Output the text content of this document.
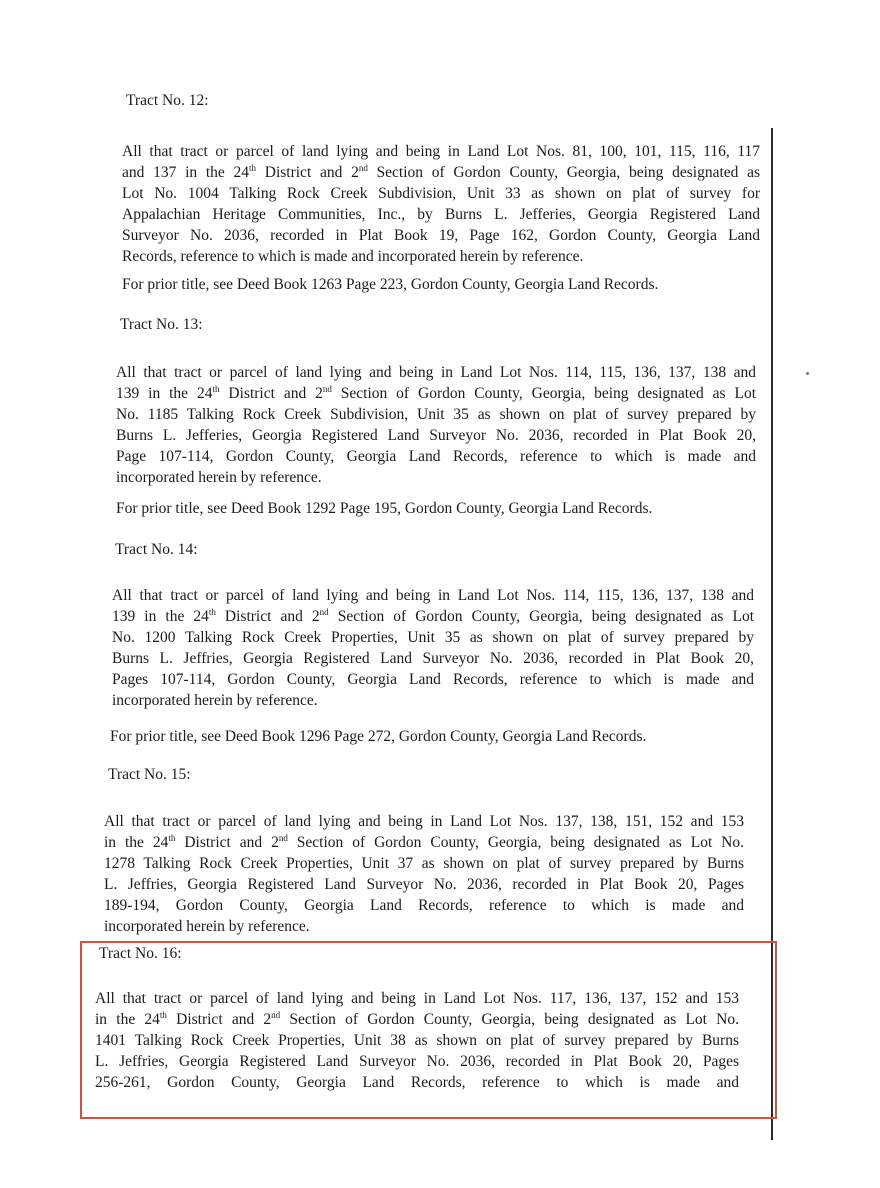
Tract No. 12:

All that tract or parcel of land lying and being in Land Lot Nos. 81, 100, 101, 115, 116, 117

and 137 in the 24th District and 2nd Section of Gordon County, Georgia, being designated as

Lot No. 1004 Talking Rock Creek Subdivision, Unit 33 as shown on plat of survey for

Appalachian Heritage Communities, Inc., by Burns L. Jefferies, Georgia Registered Land

Surveyor No. 2036, recorded in Plat Book 19, Page 162, Gordon County, Georgia Land

Records, reference to which is made and incorporated herein by reference.

For prior title, see Deed Book 1263 Page 223, Gordon County, Georgia Land Records.
Tract No. 13:

All that tract or parcel of land lying and being in Land Lot Nos. 114, 115, 136, 137, 138 and

139 in the 24th District and 2nd Section of Gordon County, Georgia, being designated as Lot

No. 1185 Talking Rock Creek Subdivision, Unit 35 as shown on plat of survey prepared by

Burns L. Jefferies, Georgia Registered Land Surveyor No. 2036, recorded in Plat Book 20,

Page 107-114, Gordon County, Georgia Land Records, reference to which is made and

incorporated herein by reference.

For prior title, see Deed Book 1292 Page 195, Gordon County, Georgia Land Records.
Tract No. 14:

All that tract or parcel of land lying and being in Land Lot Nos. 114, 115, 136, 137, 138 and

139 in the 24th District and 2nd Section of Gordon County, Georgia, being designated as Lot

No. 1200 Talking Rock Creek Properties, Unit 35 as shown on plat of survey prepared by

Burns L. Jeffries, Georgia Registered Land Surveyor No. 2036, recorded in Plat Book 20,

Pages 107-114, Gordon County, Georgia Land Records, reference to which is made and

incorporated herein by reference.

For prior title, see Deed Book 1296 Page 272, Gordon County, Georgia Land Records.
Tract No. 15:

All that tract or parcel of land lying and being in Land Lot Nos. 137, 138, 151, 152 and 153

in the 24th District and 2nd Section of Gordon County, Georgia, being designated as Lot No.

1278 Talking Rock Creek Properties, Unit 37 as shown on plat of survey prepared by Burns

L. Jeffries, Georgia Registered Land Surveyor No. 2036, recorded in Plat Book 20, Pages

189-194, Gordon County, Georgia Land Records, reference to which is made and

incorporated herein by reference.

Tract No. 16:

All that tract or parcel of land lying and being in Land Lot Nos. 117, 136, 137, 152 and 153

in the 24th District and 2nd Section of Gordon County, Georgia, being designated as Lot No.

1401 Talking Rock Creek Properties, Unit 38 as shown on plat of survey prepared by Burns

L. Jeffries, Georgia Registered Land Surveyor No. 2036, recorded in Plat Book 20, Pages

256-261, Gordon County, Georgia Land Records, reference to which is made and
